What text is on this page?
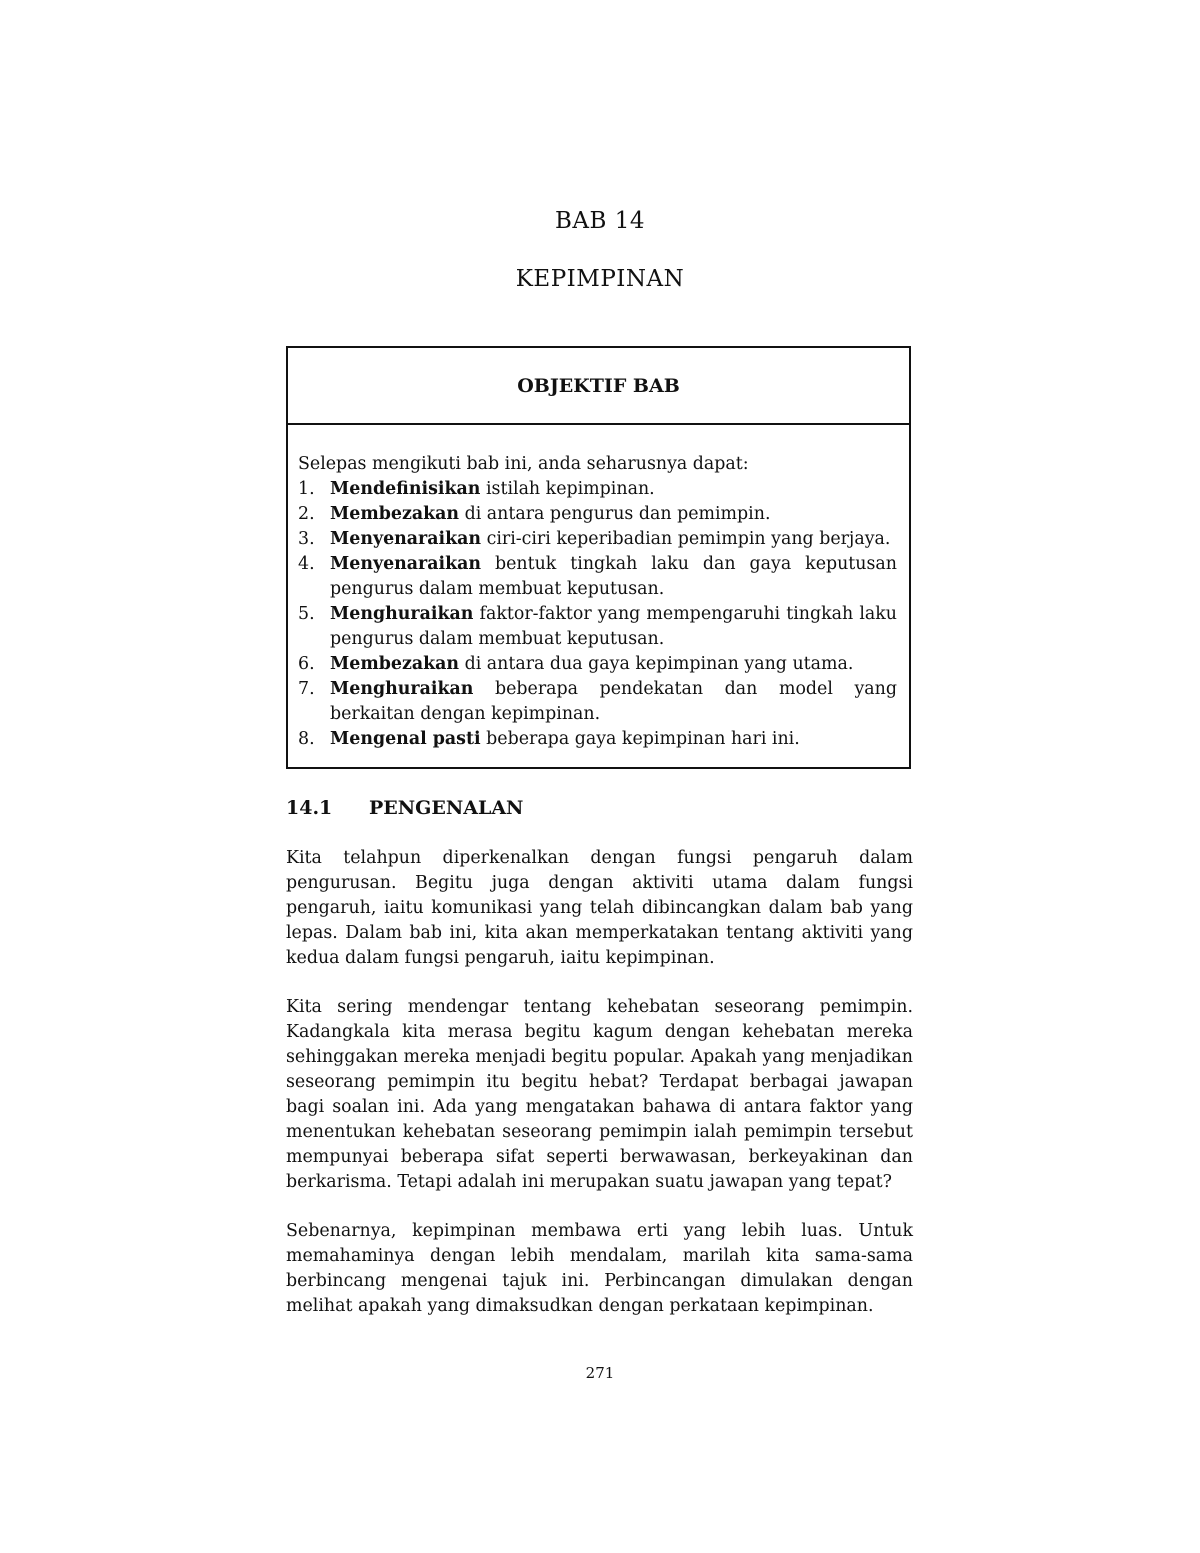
BAB 14
KEPIMPINAN
OBJEKTIF BAB

Selepas mengikuti bab ini, anda seharusnya dapat:

1. Mendefinisikan istilah kepimpinan.
2. Membezakan di antara pengurus dan pemimpin.
3. Menyenaraikan ciri-ciri keperibadian pemimpin yang berjaya.
4. Menyenaraikan bentuk tingkah laku dan gaya keputusan pengurus dalam membuat keputusan.
5. Menghuraikan faktor-faktor yang mempengaruhi tingkah laku pengurus dalam membuat keputusan.
6. Membezakan di antara dua gaya kepimpinan yang utama.
7. Menghuraikan beberapa pendekatan dan model yang berkaitan dengan kepimpinan.
8. Mengenal pasti beberapa gaya kepimpinan hari ini.
14.1	PENGENALAN

Kita telahpun diperkenalkan dengan fungsi pengaruh dalam pengurusan. Begitu juga dengan aktiviti utama dalam fungsi pengaruh, iaitu komunikasi yang telah dibincangkan dalam bab yang lepas. Dalam bab ini, kita akan memperkatakan tentang aktiviti yang kedua dalam fungsi pengaruh, iaitu kepimpinan.

Kita sering mendengar tentang kehebatan seseorang pemimpin. Kadangkala kita merasa begitu kagum dengan kehebatan mereka sehinggakan mereka menjadi begitu popular. Apakah yang menjadikan seseorang pemimpin itu begitu hebat? Terdapat berbagai jawapan bagi soalan ini. Ada yang mengatakan bahawa di antara faktor yang menentukan kehebatan seseorang pemimpin ialah pemimpin tersebut mempunyai beberapa sifat seperti berwawasan, berkeyakinan dan berkarisma. Tetapi adalah ini merupakan suatu jawapan yang tepat?

Sebenarnya, kepimpinan membawa erti yang lebih luas. Untuk memahaminya dengan lebih mendalam, marilah kita sama-sama berbincang mengenai tajuk ini. Perbincangan dimulakan dengan melihat apakah yang dimaksudkan dengan perkataan kepimpinan.

271
